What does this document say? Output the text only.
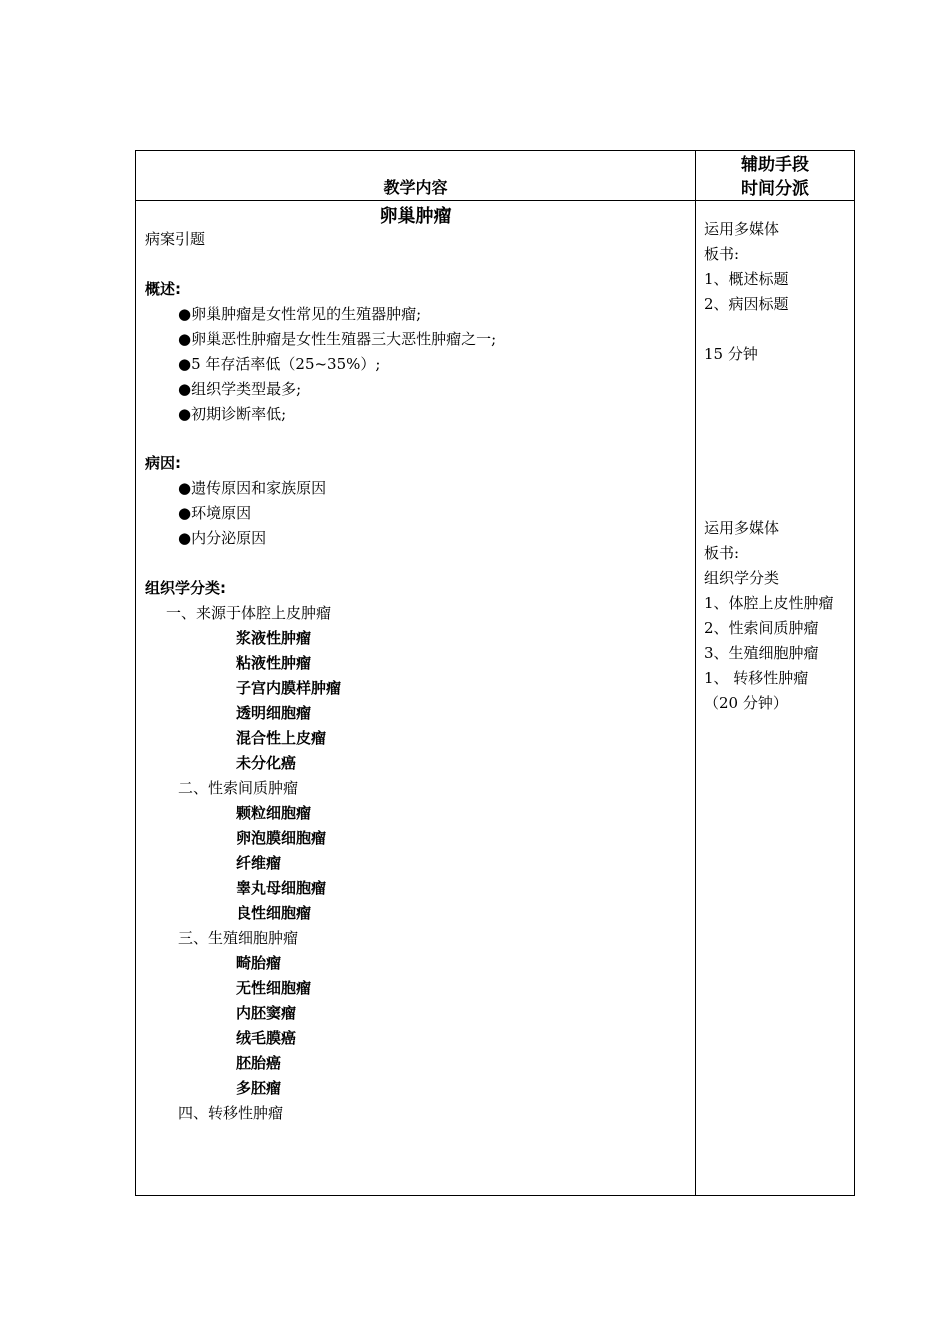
教学内容
辅助手段
时间分派
卵巢肿瘤
病案引题
概述:
●卵巢肿瘤是女性常见的生殖器肿瘤;
●卵巢恶性肿瘤是女性生殖器三大恶性肿瘤之一;
●5 年存活率低（25~35%）;
●组织学类型最多;
●初期诊断率低;
病因:
●遗传原因和家族原因
●环境原因
●内分泌原因
组织学分类:
一、来源于体腔上皮肿瘤
浆液性肿瘤
粘液性肿瘤
子宫内膜样肿瘤
透明细胞瘤
混合性上皮瘤
未分化癌
二、性索间质肿瘤
颗粒细胞瘤
卵泡膜细胞瘤
纤维瘤
睾丸母细胞瘤
良性细胞瘤
三、生殖细胞肿瘤
畸胎瘤
无性细胞瘤
内胚窦瘤
绒毛膜癌
胚胎癌
多胚瘤
四、转移性肿瘤
运用多媒体
板书:
1、概述标题
2、病因标题
15 分钟
运用多媒体
板书:
组织学分类
1、体腔上皮性肿瘤
2、性索间质肿瘤
3、生殖细胞肿瘤
1、 转移性肿瘤
（20 分钟）
